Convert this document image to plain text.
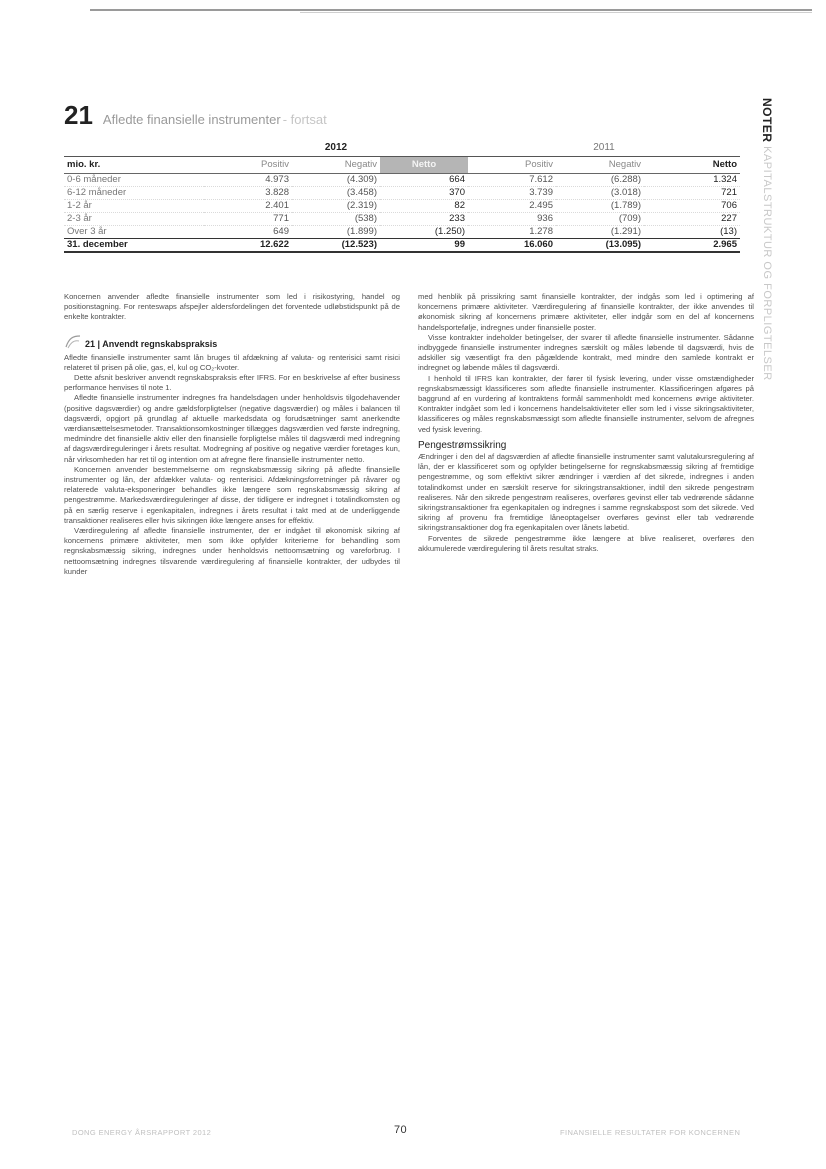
21 Afledte finansielle instrumenter - fortsat	NOTER KAPITALSTRUKTUR OG FORPLIGTELSER
	2012			2011		
mio. kr.	Positiv	Negativ	Netto	Positiv	Negativ	Netto
0-6 måneder	4.973	(4.309)	664	7.612	(6.288)	1.324
6-12 måneder	3.828	(3.458)	370	3.739	(3.018)	721
1-2 år	2.401	(2.319)	82	2.495	(1.789)	706
2-3 år	771	(538)	233	936	(709)	227
Over 3 år	649	(1.899)	(1.250)	1.278	(1.291)	(13)
31. december	12.622	(12.523)	99	16.060	(13.095)	2.965

Koncernen anvender afledte finansielle instrumenter som led i risikostyring, handel og positionstagning. For renteswaps afspejler aldersfordelingen det forventede udløbstidspunkt på de enkelte kontrakter.

21 | Anvendt regnskabspraksis

Afledte finansielle instrumenter samt lån bruges til afdækning af valuta- og renterisici samt risici relateret til prisen på olie, gas, el, kul og CO₂-kvoter.

Dette afsnit beskriver anvendt regnskabspraksis efter IFRS. For en beskrivelse af efter business performance henvises til note 1.

Afledte finansielle instrumenter indregnes fra handelsdagen under henholdsvis tilgodehavender (positive dagsværdier) og andre gældsforpligtelser (negative dagsværdier) og måles i balancen til dagsværdi, opgjort på grundlag af aktuelle markedsdata og forudsætninger samt anerkendte værdiansættelsesmetoder. Transaktionsomkostninger tillægges dagsværdien ved første indregning, medmindre det finansielle aktiv eller den finansielle forpligtelse måles til dagsværdi med indregning af dagsværdireguleringer i årets resultat. Modregning af positive og negative værdier foretages kun, når virksomheden har ret til og intention om at afregne flere finansielle instrumenter netto.

Koncernen anvender bestemmelserne om regnskabsmæssig sikring på afledte finansielle instrumenter og lån, der afdækker valuta- og renterisici. Afdækningsforretninger på råvarer og relaterede valuta-eksponeringer behandles ikke længere som regnskabsmæssig sikring af pengestrømme. Markedsværdireguleringer af disse, der tidligere er indregnet i totalindkomsten og på en særlig reserve i egenkapitalen, indregnes i årets resultat i takt med at de underliggende transaktioner realiseres eller hvis sikringen ikke længere anses for effektiv.

Værdiregulering af afledte finansielle instrumenter, der er indgået til økonomisk sikring af koncernens primære aktiviteter, men som ikke opfylder kriterierne for behandling som regnskabsmæssig sikring, indregnes under henholdsvis nettoomsætning og vareforbrug. I nettoomsætning indregnes tilsvarende værdiregulering af finansielle kontrakter, der udbydes til kunder

med henblik på prissikring samt finansielle kontrakter, der indgås som led i optimering af koncernens primære aktiviteter. Værdiregulering af finansielle kontrakter, der ikke anvendes til økonomisk sikring af koncernens primære aktiviteter, eller indgår som en del af koncernens handelsportefølje, indregnes under finansielle poster.

Visse kontrakter indeholder betingelser, der svarer til afledte finansielle instrumenter. Sådanne indbyggede finansielle instrumenter indregnes særskilt og måles løbende til dagsværdi, hvis de adskiller sig væsentligt fra den pågældende kontrakt, med mindre den samlede kontrakt er indregnet og løbende måles til dagsværdi.

I henhold til IFRS kan kontrakter, der fører til fysisk levering, under visse omstændigheder regnskabsmæssigt klassificeres som afledte finansielle instrumenter. Klassificeringen afgøres på baggrund af en vurdering af kontraktens formål sammenholdt med koncernens øvrige aktiviteter. Kontrakter indgået som led i koncernens handelsaktiviteter eller som led i visse sikringsaktiviteter, klassificeres og måles regnskabsmæssigt som afledte finansielle instrumenter, selvom de afregnes ved fysisk levering.

Pengestrømssikring

Ændringer i den del af dagsværdien af afledte finansielle instrumenter samt valutakursregulering af lån, der er klassificeret som og opfylder betingelserne for regnskabsmæssig sikring af fremtidige pengestrømme, og som effektivt sikrer ændringer i værdien af det sikrede, indregnes i anden totalindkomst under en særskilt reserve for sikringstransaktioner, indtil den sikrede pengestrøm realiseres. Når den sikrede pengestrøm realiseres, overføres gevinst eller tab vedrørende sådanne sikringstransaktioner fra egenkapitalen og indregnes i samme regnskabspost som det sikrede. Ved sikring af provenu fra fremtidige låneoptagelser overføres gevinst eller tab vedrørende sikringstransaktioner dog fra egenkapitalen over lånets løbetid.

Forventes de sikrede pengestrømme ikke længere at blive realiseret, overføres den akkumulerede værdiregulering til årets resultat straks.

DONG ENERGY ÅRSRAPPORT 2012	70	FINANSIELLE RESULTATER FOR KONCERNEN
